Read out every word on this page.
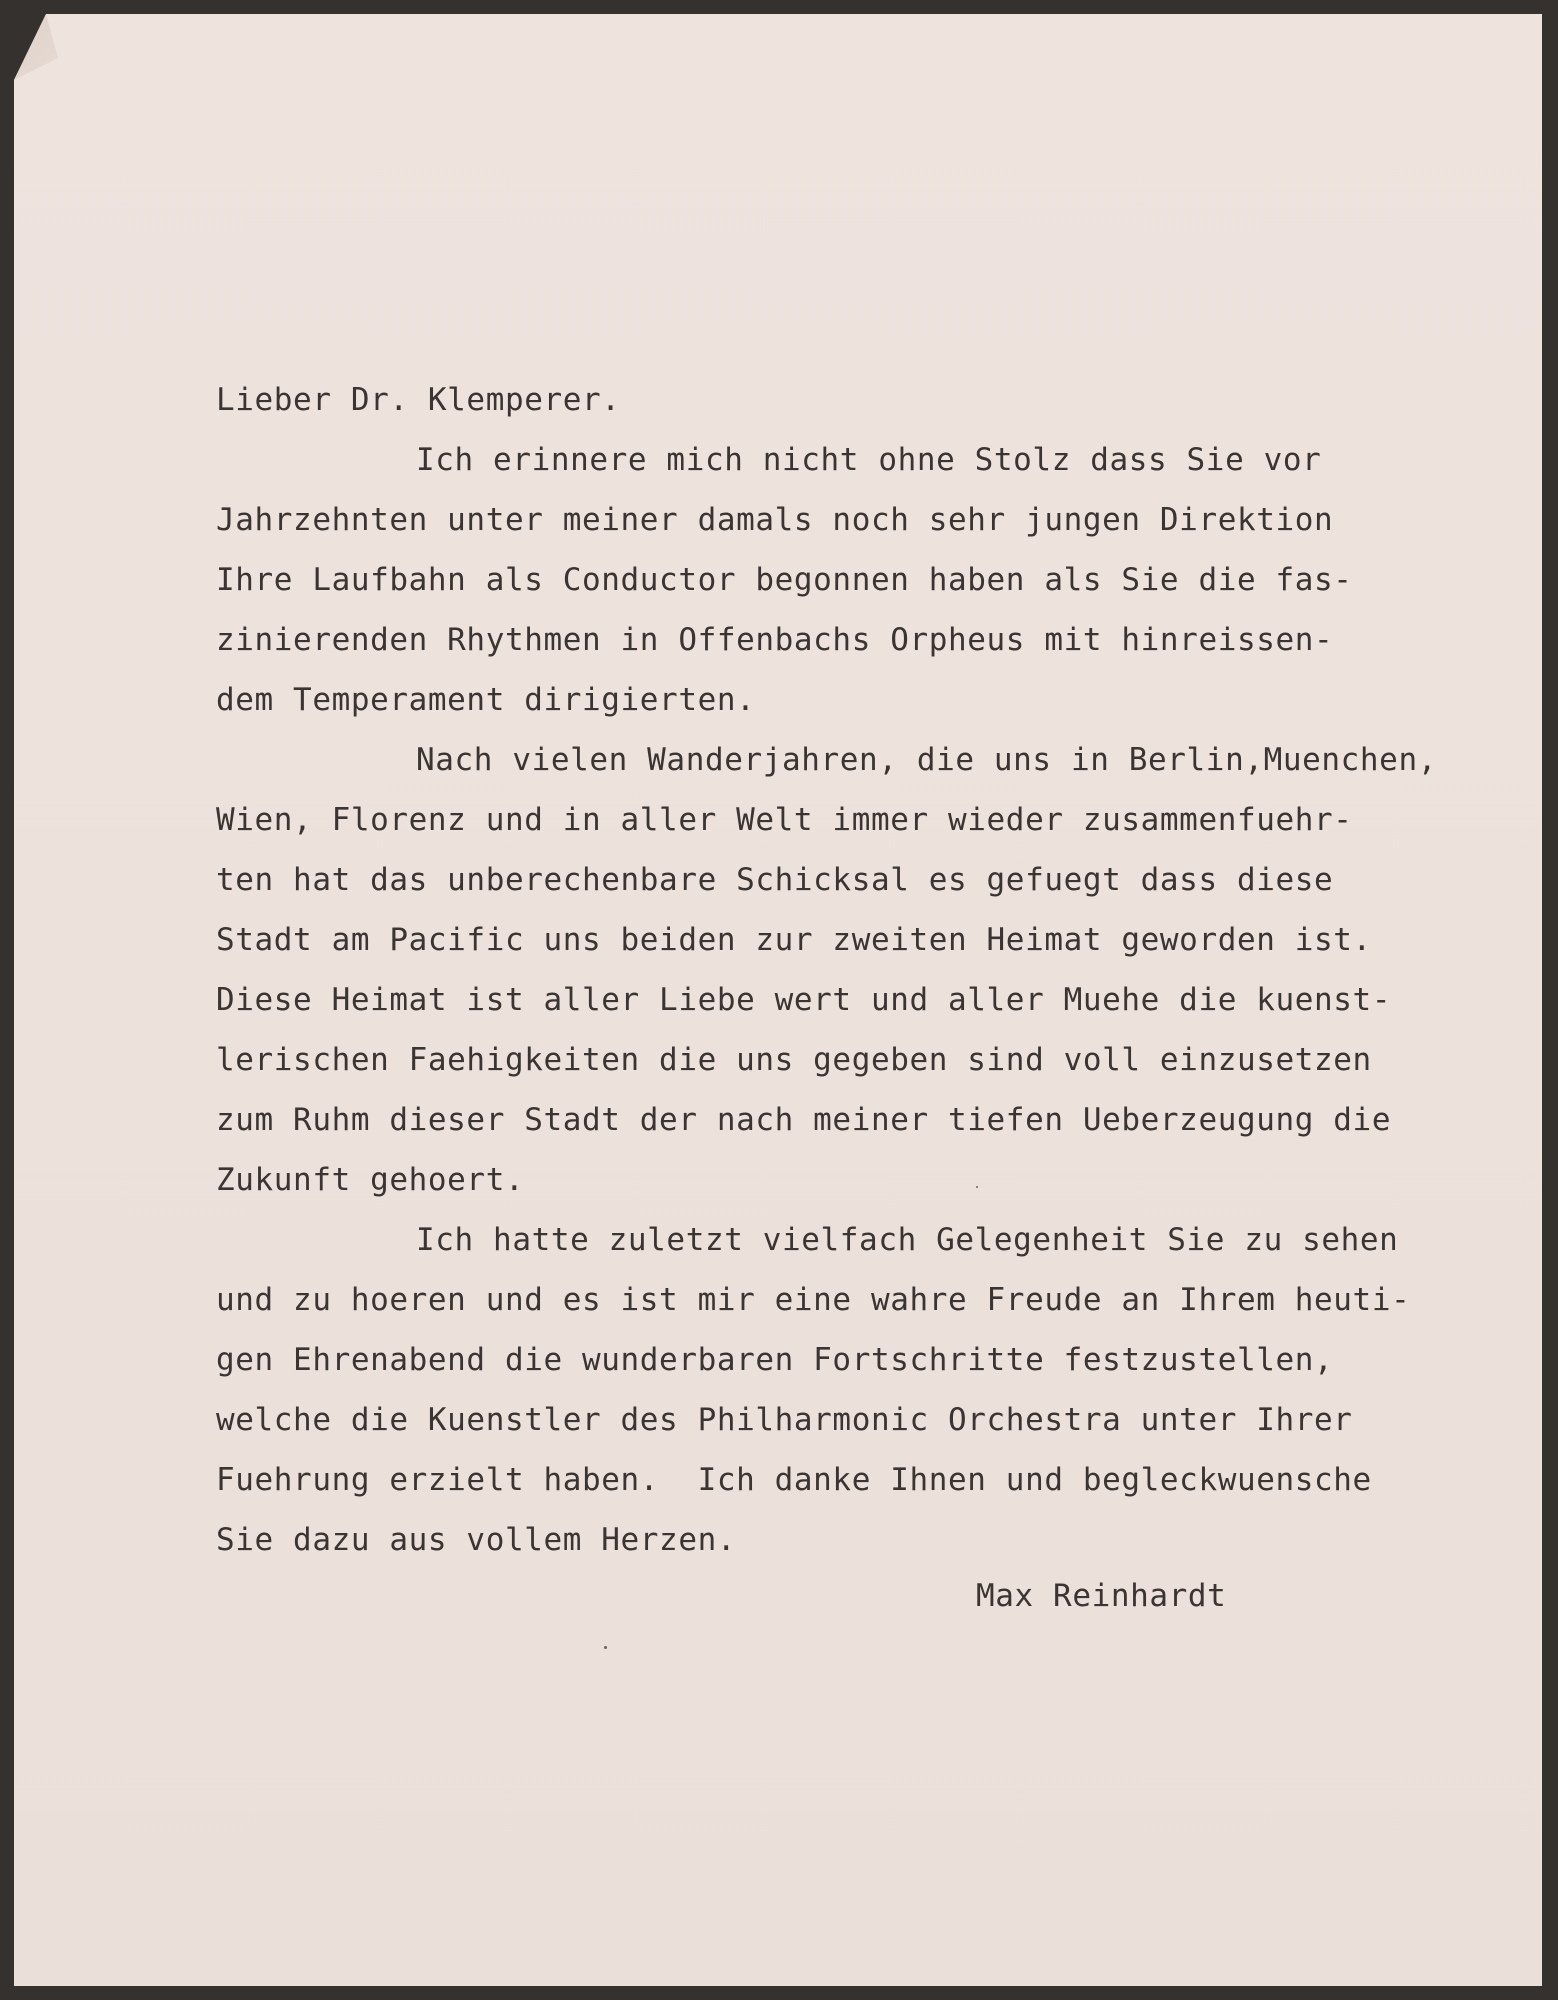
Lieber Dr. Klemperer.
Ich erinnere mich nicht ohne Stolz dass Sie vor
Jahrzehnten unter meiner damals noch sehr jungen Direktion
Ihre Laufbahn als Conductor begonnen haben als Sie die fas-
zinierenden Rhythmen in Offenbachs Orpheus mit hinreissen-
dem Temperament dirigierten.
Nach vielen Wanderjahren, die uns in Berlin,Muenchen,
Wien, Florenz und in aller Welt immer wieder zusammenfuehr-
ten hat das unberechenbare Schicksal es gefuegt dass diese
Stadt am Pacific uns beiden zur zweiten Heimat geworden ist.
Diese Heimat ist aller Liebe wert und aller Muehe die kuenst-
lerischen Faehigkeiten die uns gegeben sind voll einzusetzen
zum Ruhm dieser Stadt der nach meiner tiefen Ueberzeugung die
Zukunft gehoert.
Ich hatte zuletzt vielfach Gelegenheit Sie zu sehen
und zu hoeren und es ist mir eine wahre Freude an Ihrem heuti-
gen Ehrenabend die wunderbaren Fortschritte festzustellen,
welche die Kuenstler des Philharmonic Orchestra unter Ihrer
Fuehrung erzielt haben.  Ich danke Ihnen und begleckwuensche
Sie dazu aus vollem Herzen.
Max Reinhardt
